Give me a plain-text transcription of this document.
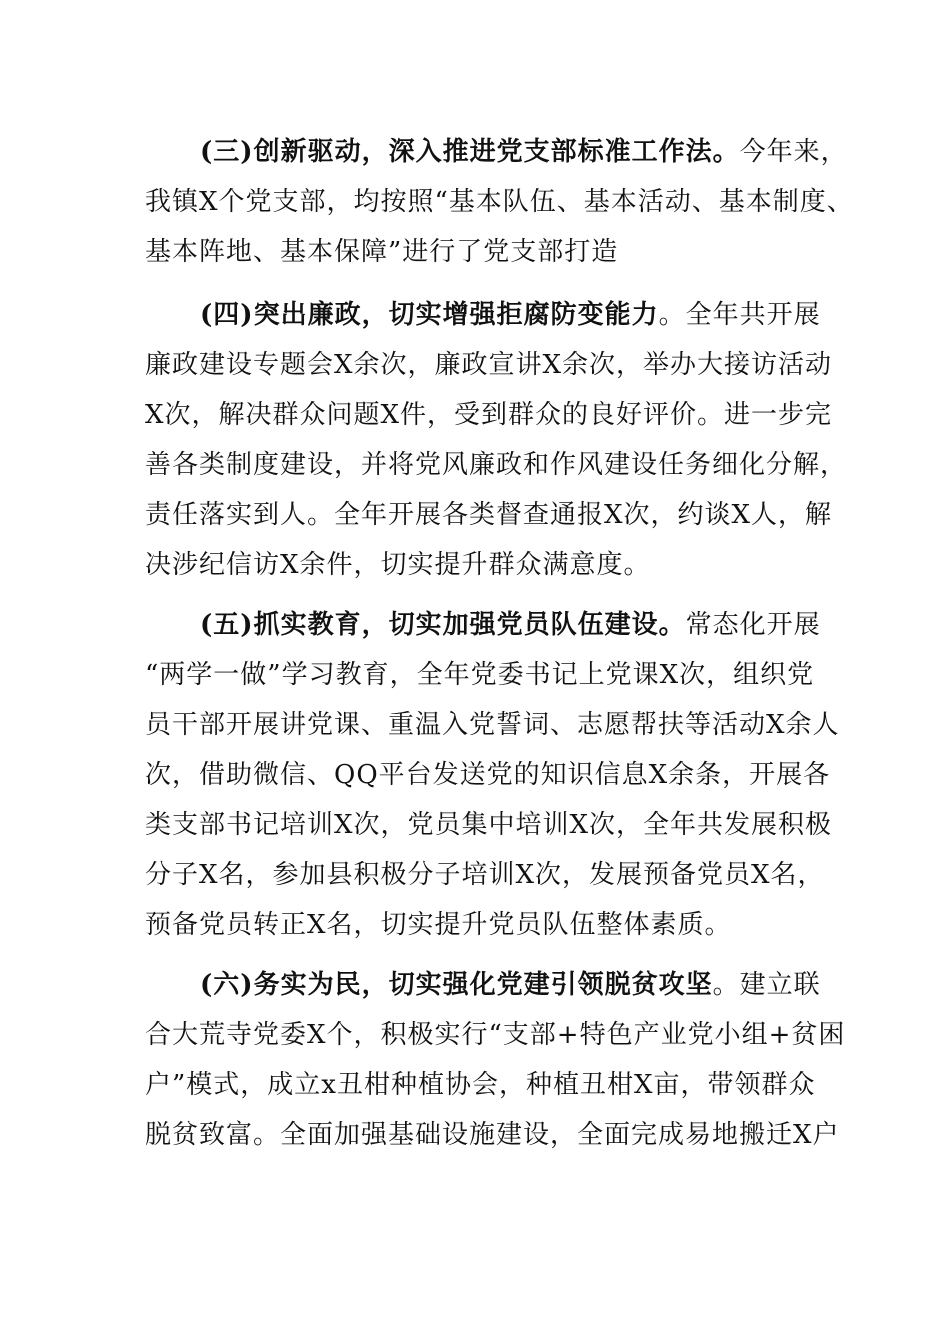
(三)创新驱动，深入推进党支部标准工作法。今年来，
我镇X个党支部，均按照“基本队伍、基本活动、基本制度、
基本阵地、基本保障”进行了党支部打造
(四)突出廉政，切实增强拒腐防变能力。全年共开展
廉政建设专题会X余次，廉政宣讲X余次，举办大接访活动
X次，解决群众问题X件，受到群众的良好评价。进一步完
善各类制度建设，并将党风廉政和作风建设任务细化分解，
责任落实到人。全年开展各类督查通报X次，约谈X人，解
决涉纪信访X余件，切实提升群众满意度。
(五)抓实教育，切实加强党员队伍建设。常态化开展
“两学一做”学习教育，全年党委书记上党课X次，组织党
员干部开展讲党课、重温入党誓词、志愿帮扶等活动X余人
次，借助微信、QQ平台发送党的知识信息X余条，开展各
类支部书记培训X次，党员集中培训X次，全年共发展积极
分子X名，参加县积极分子培训X次，发展预备党员X名，
预备党员转正X名，切实提升党员队伍整体素质。
(六)务实为民，切实强化党建引领脱贫攻坚。建立联
合大荒寺党委X个，积极实行“支部+特色产业党小组+贫困
户”模式，成立x丑柑种植协会，种植丑柑X亩，带领群众
脱贫致富。全面加强基础设施建设，全面完成易地搬迁X户
